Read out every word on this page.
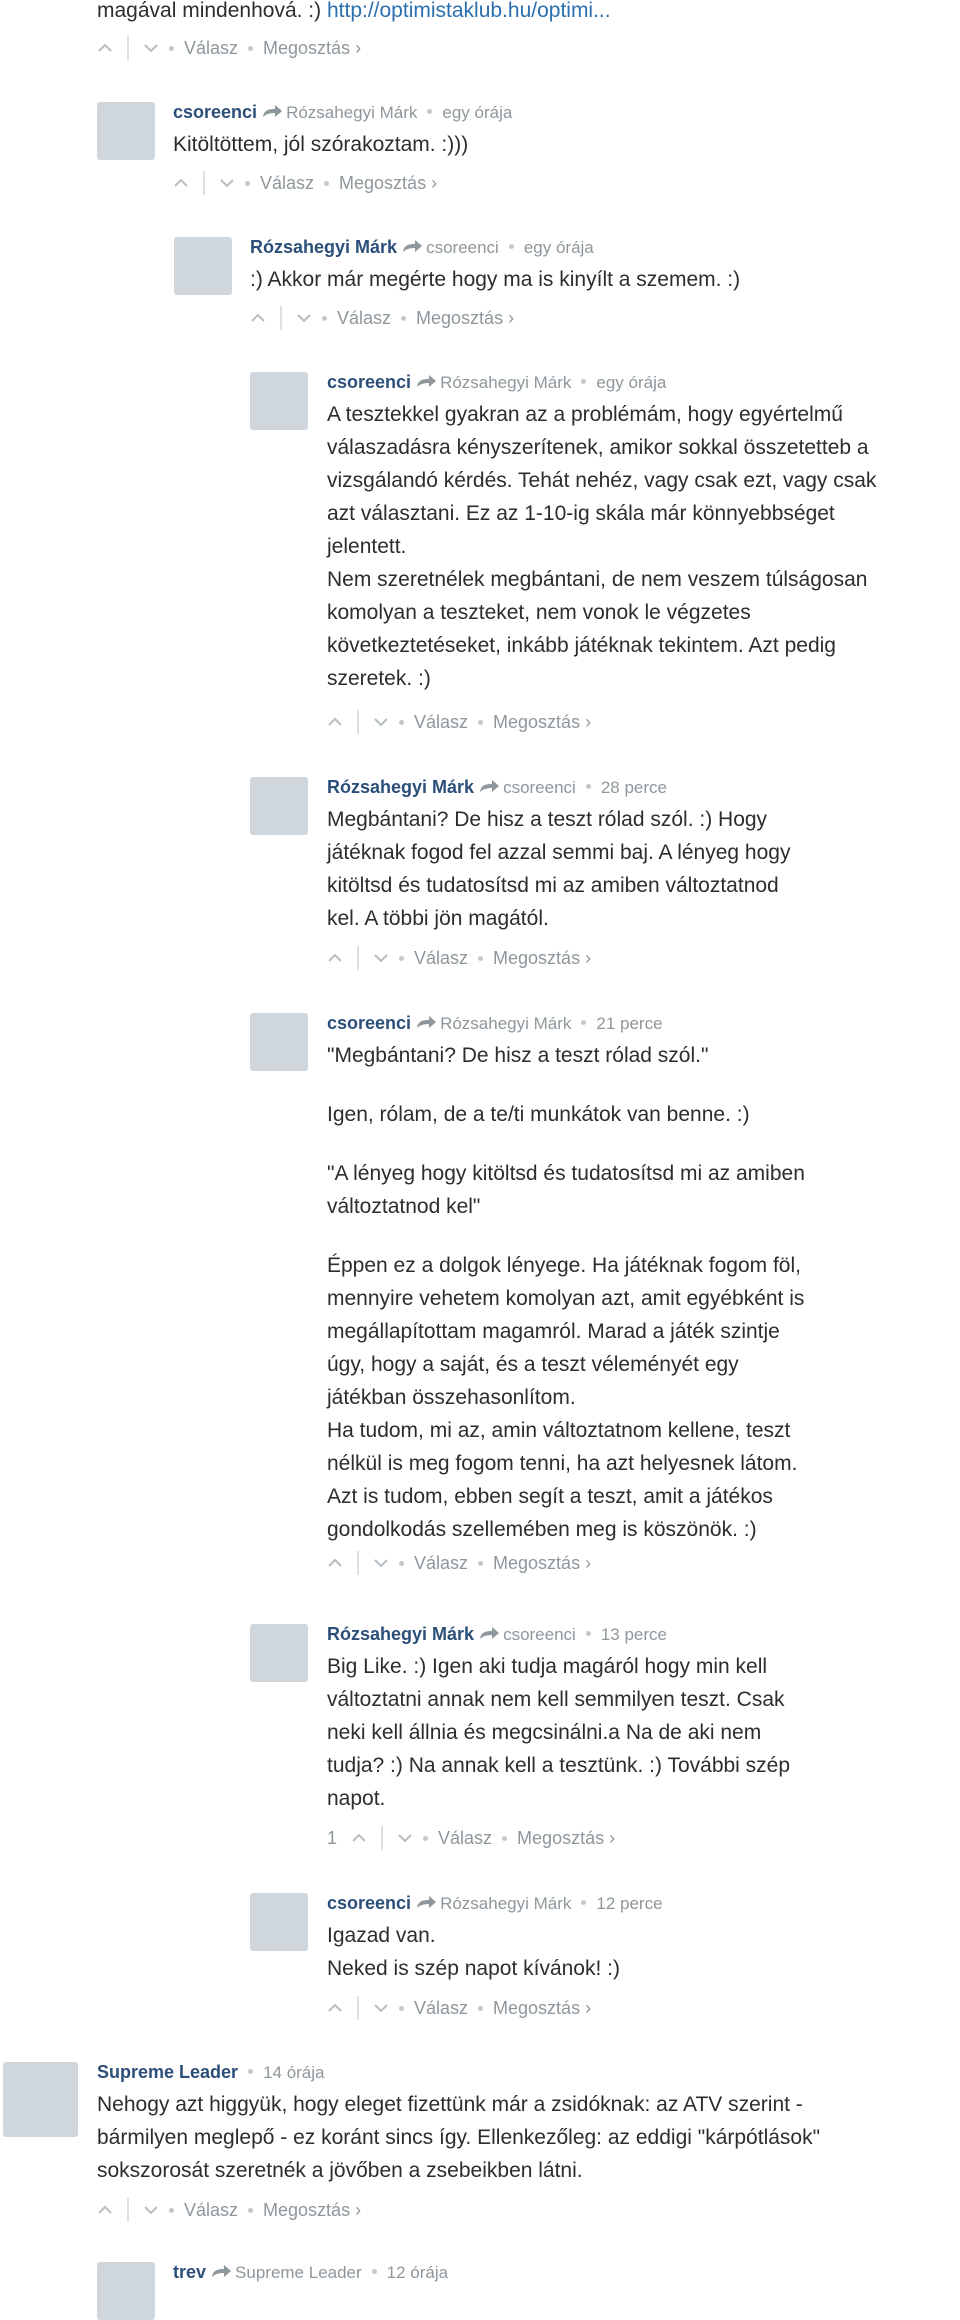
magával mindenhová. :) http://optimistaklub.hu/optimi...
Válasz Megosztás ›
csoreenci Rózsahegyi Márk egy órája

Kitöltöttem, jól szórakoztam. :)))

Válasz Megosztás ›
Rózsahegyi Márk csoreenci egy órája

:) Akkor már megérte hogy ma is kinyílt a szemem. :)

Válasz Megosztás ›
csoreenci Rózsahegyi Márk egy órája

A tesztekkel gyakran az a problémám, hogy egyértelmű

válaszadásra kényszerítenek, amikor sokkal összetetteb a

vizsgálandó kérdés. Tehát nehéz, vagy csak ezt, vagy csak

azt választani. Ez az 1-10-ig skála már könnyebbséget

jelentett.

Nem szeretnélek megbántani, de nem veszem túlságosan

komolyan a teszteket, nem vonok le végzetes

következtetéseket, inkább játéknak tekintem. Azt pedig

szeretek. :)

Válasz Megosztás ›
Rózsahegyi Márk csoreenci 28 perce

Megbántani? De hisz a teszt rólad szól. :) Hogy

játéknak fogod fel azzal semmi baj. A lényeg hogy

kitöltsd és tudatosítsd mi az amiben változtatnod

kel. A többi jön magától.

Válasz Megosztás ›
csoreenci Rózsahegyi Márk 21 perce

"Megbántani? De hisz a teszt rólad szól."

Igen, rólam, de a te/ti munkátok van benne. :)

"A lényeg hogy kitöltsd és tudatosítsd mi az amiben

változtatnod kel"

Éppen ez a dolgok lényege. Ha játéknak fogom föl,

mennyire vehetem komolyan azt, amit egyébként is

megállapítottam magamról. Marad a játék szintje

úgy, hogy a saját, és a teszt véleményét egy

játékban összehasonlítom.

Ha tudom, mi az, amin változtatnom kellene, teszt

nélkül is meg fogom tenni, ha azt helyesnek látom.

Azt is tudom, ebben segít a teszt, amit a játékos

gondolkodás szellemében meg is köszönök. :)

Válasz Megosztás ›
Rózsahegyi Márk csoreenci 13 perce

Big Like. :) Igen aki tudja magáról hogy min kell

változtatni annak nem kell semmilyen teszt. Csak

neki kell állnia és megcsinálni.a Na de aki nem

tudja? :) Na annak kell a tesztünk. :) További szép

napot.

1	Válasz Megosztás ›
csoreenci Rózsahegyi Márk 12 perce

Igazad van.

Neked is szép napot kívánok! :)

Válasz Megosztás ›
Supreme Leader 14 órája

Nehogy azt higgyük, hogy eleget fizettünk már a zsidóknak: az ATV szerint -

bármilyen meglepő - ez koránt sincs így. Ellenkezőleg: az eddigi "kárpótlások"

sokszorosát szeretnék a jövőben a zsebeikben látni.

Válasz Megosztás ›
trev Supreme Leader 12 órája
